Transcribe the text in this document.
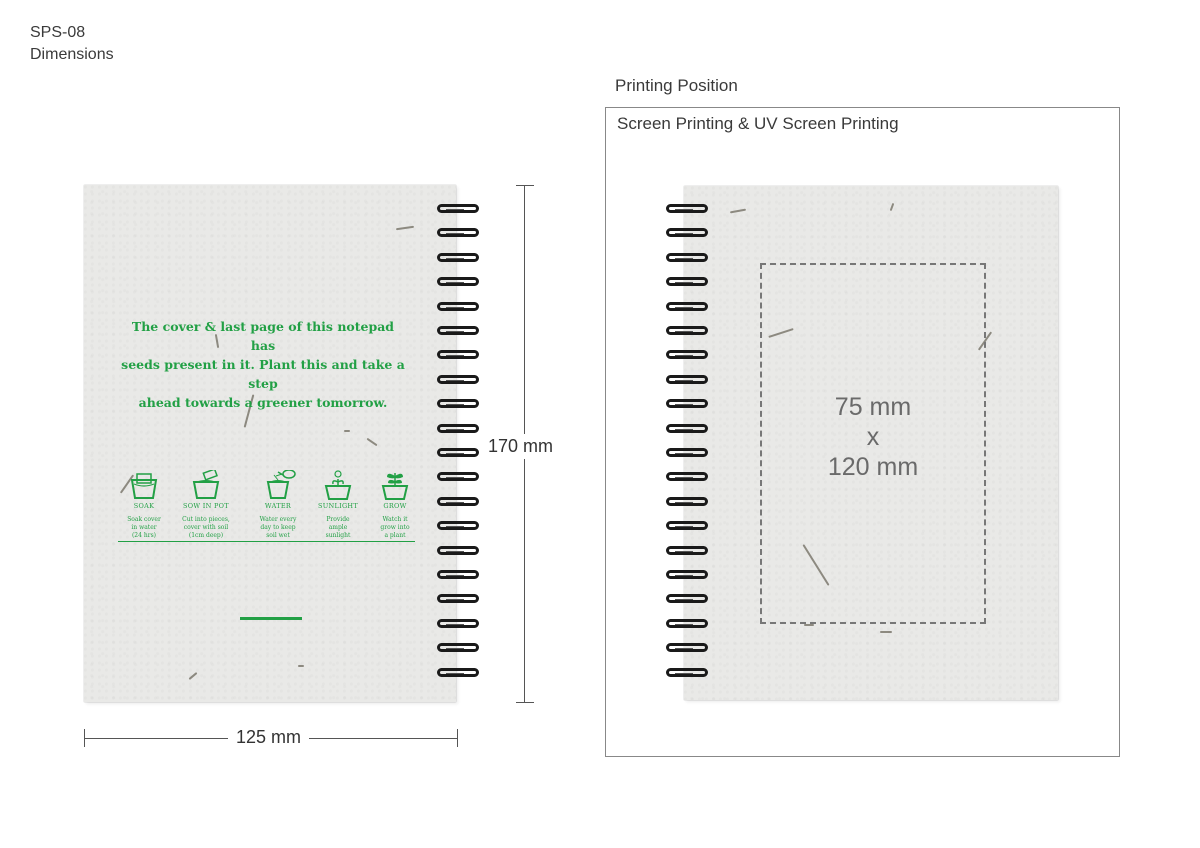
SPS-08
Dimensions
The cover & last page of this notepad has
seeds present in it. Plant this and take a step
ahead towards a greener tomorrow.
SOAK
Soak cover
in water
(24 hrs)
SOW IN POT
Cut into pieces,
cover with soil
(1cm deep)
WATER
Water every
day to keep
soil wet
SUNLIGHT
Provide
ample
sunlight
GROW
Watch it
grow into
a plant
170 mm
125 mm
Printing Position
Screen Printing & UV Screen Printing
75 mm
x
120 mm
